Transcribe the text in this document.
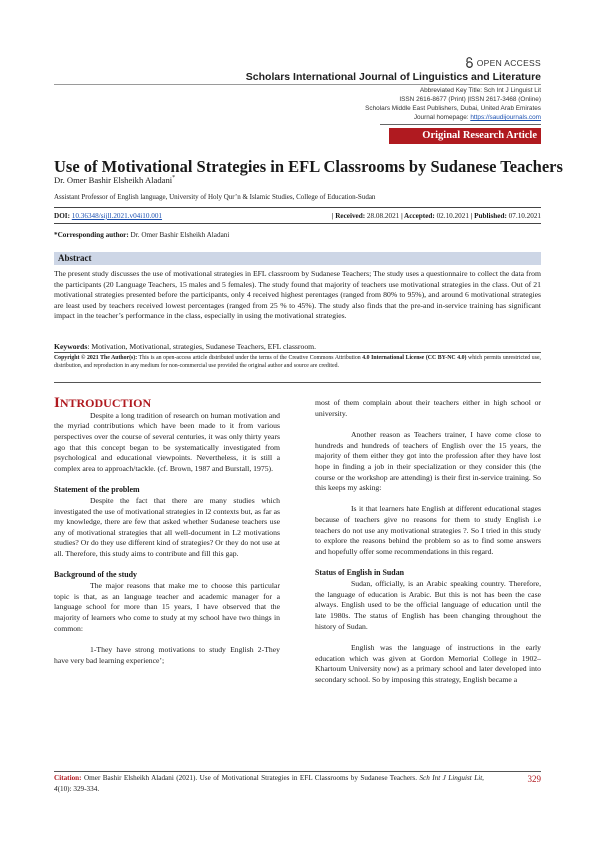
OPEN ACCESS
Scholars International Journal of Linguistics and Literature
Abbreviated Key Title: Sch Int J Linguist Lit
ISSN 2616-8677 (Print) |ISSN 2617-3468 (Online)
Scholars Middle East Publishers, Dubai, United Arab Emirates
Journal homepage: https://saudijournals.com
Original Research Article
Use of Motivational Strategies in EFL Classrooms by Sudanese Teachers
Dr. Omer Bashir Elsheikh Aladani*
Assistant Professor of English language, University of Holy Qur’n & Islamic Studies, College of Education-Sudan
DOI: 10.36348/sijll.2021.v04i10.001	| Received: 28.08.2021 | Accepted: 02.10.2021 | Published: 07.10.2021
*Corresponding author: Dr. Omer Bashir Elsheikh Aladani
Abstract
The present study discusses the use of motivational strategies in EFL classroom by Sudanese Teachers; The study uses a questionnaire to collect the data from the participants (20 Language Teachers, 15 males and 5 females). The study found that majority of teachers use motivational strategies in the class. Out of 21 motivational strategies presented before the participants, only 4 received highest perentages (ranged from 80% to 95%), and around 6 motivational strategies are least used by teachers received lowest percentages (ranged from 25 % to 45%). The study also finds that the pre-and in-service training has significant impact in the teacher’s performance in the class, especially in using the motivational strategies.
Keywords: Motivation, Motivational, strategies, Sudanese Teachers, EFL classroom.
Copyright © 2021 The Author(s): This is an open-access article distributed under the terms of the Creative Commons Attribution 4.0 International License (CC BY-NC 4.0) which permits unrestricted use, distribution, and reproduction in any medium for non-commercial use provided the original author and source are credited.
INTRODUCTION

Despite a long tradition of research on human motivation and the myriad contributions which have been made to it from various perspectives over the course of several centuries, it was only thirty years ago that this concept began to be systematically investigated from psychological and educational viewpoints. Nevertheless, it is still a complex area to approach/tackle. (cf. Brown, 1987 and Burstall, 1975).

Statement of the problem

Despite the fact that there are many studies which investigated the use of motivational strategies in l2 contexts but, as far as my knowledge, there are few that asked whether Sudanese teachers use any of motivational strategies that all well-document in L2 motivations studies? Or do they use different kind of strategies? Or they do not use at all. Therefore, this study aims to contribute and fill this gap.

Background of the study

The major reasons that make me to choose this particular topic is that, as an language teacher and academic manager for a language school for more than 15 years, I have observed that the majority of learners who come to study at my school have two things in common:

1-They have strong motivations to study English 2-They have very bad learning experience’;

most of them complain about their teachers either in high school or university.

Another reason as Teachers trainer, I have come close to hundreds and hundreds of teachers of English over the 15 years, the majority of them either they got into the profession after they have lost hope in finding a job in their specialization or they consider this (the course or the workshop are attending) is their first in-service training. So this keeps my asking:

Is it that learners hate English at different educational stages because of teachers give no reasons for them to study English i.e teachers do not use any motivational strategies ?. So I tried in this study to explore the reasons behind the problem so as to find some answers and hopefully offer some recommendations in this regard.

Status of English in Sudan

Sudan, officially, is an Arabic speaking country. Therefore, the language of education is Arabic. But this is not has been the case always. English used to be the official language of education until the late 1980s. The status of English has been changing throughout the history of Sudan.

English was the language of instructions in the early education which was given at Gordon Memorial College in 1902– Khartoum University now) as a primary school and later developed into secondary school. So by imposing this strategy, English became a

Citation: Omer Bashir Elsheikh Aladani (2021). Use of Motivational Strategies in EFL Classrooms by Sudanese Teachers. Sch Int J Linguist Lit, 4(10): 329-334.
329
